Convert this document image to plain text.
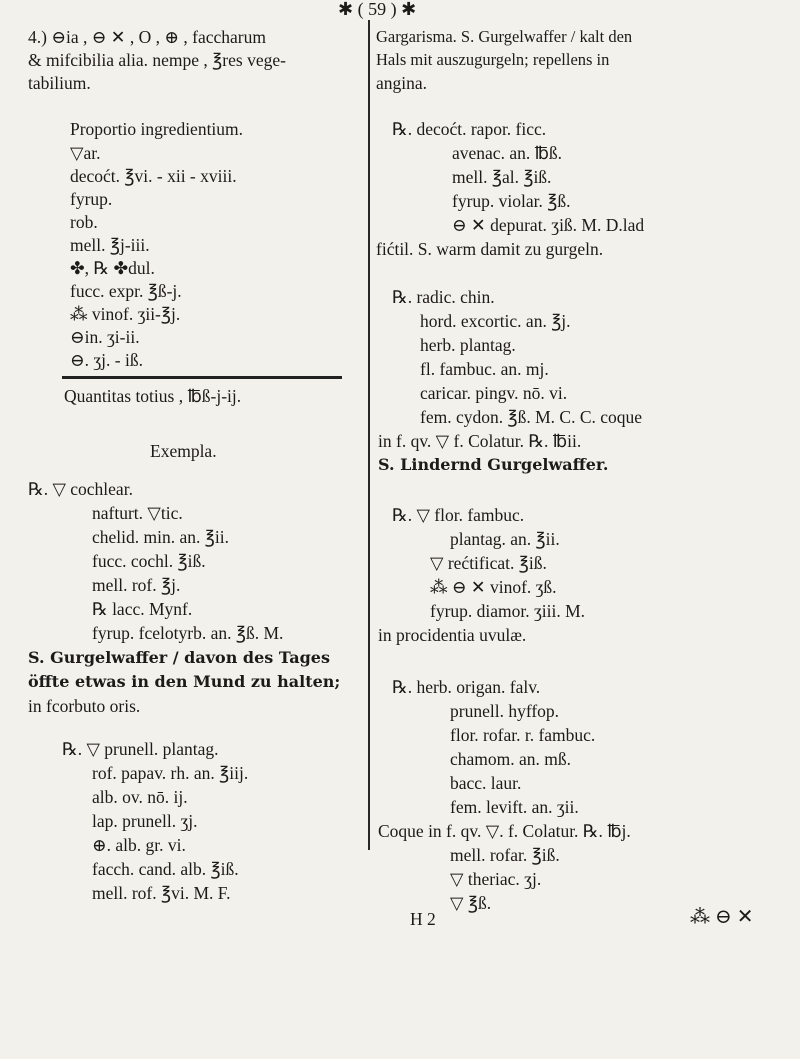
✱ ( 59 ) ✱
4.) ⊖ia , ⊖ ✕ , O , ⊕ , faccharum
& mifcibilia alia. nempe , ℥res vege-
tabilium.
Proportio ingredientium.
▽ar.
decoćt. ℥vi. - xii - xviii.
fyrup.
rob.
mell. ℥j-iii.
✤, ℞ ✤dul.
fucc. expr. ℥ß-j.
⁂ vinof. ʒii-℥j.
⊖in. ʒi-ii.
⊖. ʒj. - iß.
Quantitas totius , ℔ß-j-ij.
Exempla.
℞. ▽ cochlear.
nafturt. ▽tic.
chelid. min. an. ℥ii.
fucc. cochl. ℥iß.
mell. rof. ℥j.
℞ lacc. Mynf.
fyrup. fcelotyrb. an. ℥ß. M.
S. Gurgelwaffer / davon des Tages
öffte etwas in den Mund zu halten;
in fcorbuto oris.
℞. ▽ prunell. plantag.
rof. papav. rh. an. ℥iij.
alb. ov. nō. ij.
lap. prunell. ʒj.
⊕. alb. gr. vi.
facch. cand. alb. ℥iß.
mell. rof. ℥vi. M. F.
Gargarisma. S. Gurgelwaffer / kalt den
Hals mit auszugurgeln; repellens in
angina.
℞. decoćt. rapor. ficc.
avenac. an. ℔ß.
mell. ℥al. ℥iß.
fyrup. violar. ℥ß.
⊖ ✕ depurat. ʒiß. M. D.lad
fićtil. S. warm damit zu gurgeln.
℞. radic. chin.
hord. excortic. an. ℥j.
herb. plantag.
fl. fambuc. an. mj.
caricar. pingv. nō. vi.
fem. cydon. ℥ß. M. C. C. coque
in f. qv. ▽ f. Colatur. ℞. ℔ii.
S. Lindernd Gurgelwaffer.
℞. ▽ flor. fambuc.
plantag. an. ℥ii.
▽ rećtificat. ℥iß.
⁂ ⊖ ✕ vinof. ʒß.
fyrup. diamor. ʒiii. M.
in procidentia uvulæ.
℞. herb. origan. falv.
prunell. hyffop.
flor. rofar. r. fambuc.
chamom. an. mß.
bacc. laur.
fem. levift. an. ʒii.
Coque in f. qv. ▽. f. Colatur. ℞. ℔j.
mell. rofar. ℥iß.
▽ theriac. ʒj.
▽ ℥ß.
H 2	⁂ ⊖ ✕
